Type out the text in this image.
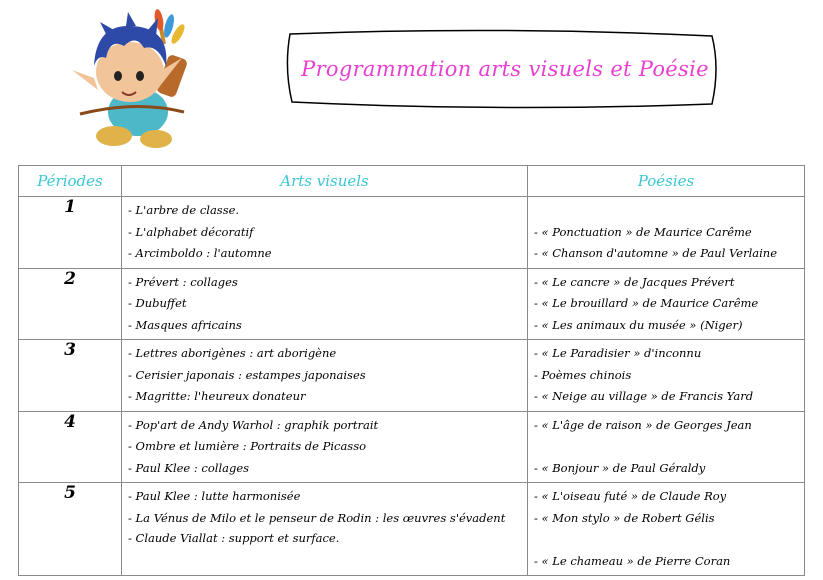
Programmation arts visuels et Poésie
Périodes	Arts visuels	Poésies
1	- L'arbre de classe.
- L'alphabet décoratif
- Arcimboldo : l'automne	- « Ponctuation » de Maurice Carême
- « Chanson d'automne » de Paul Verlaine

2	- Prévert : collages
- Dubuffet
- Masques africains	- « Le cancre » de Jacques Prévert
- « Le brouillard » de Maurice Carême
- « Les animaux du musée » (Niger)

3	- Lettres aborigènes : art aborigène
- Cerisier japonais : estampes japonaises
- Magritte: l'heureux donateur	- « Le Paradisier » d'inconnu
- Poèmes chinois
- « Neige au village » de Francis Yard

4	- Pop'art de Andy Warhol : graphik portrait
- Ombre et lumière : Portraits de Picasso
- Paul Klee : collages	- « L'âge de raison » de Georges Jean
- « Bonjour » de Paul Géraldy

5	- Paul Klee : lutte harmonisée
- La Vénus de Milo et le penseur de Rodin : les œuvres s'évadent
- Claude Viallat : support et surface.	- « L'oiseau futé » de Claude Roy
- « Mon stylo » de Robert Gélis
- « Le chameau » de Pierre Coran
